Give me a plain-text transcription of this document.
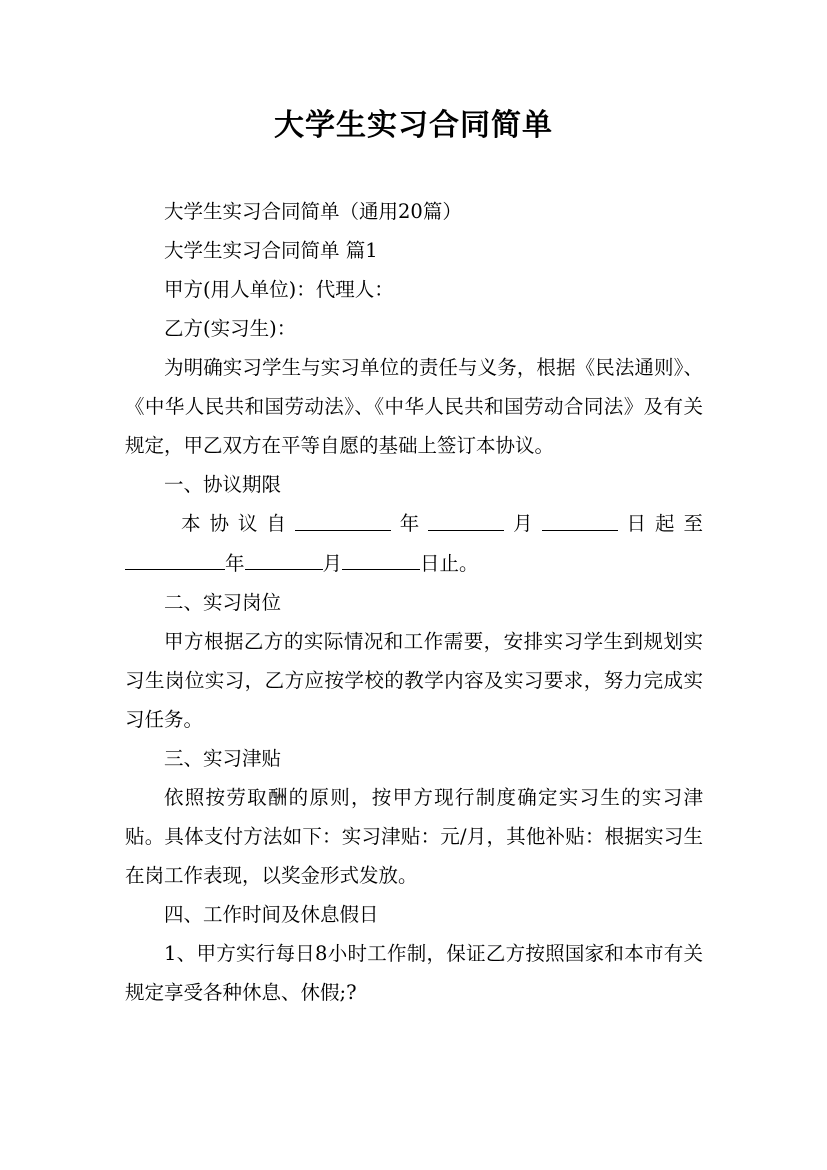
大学生实习合同简单

大学生实习合同简单（通用20篇）

大学生实习合同简单 篇1

甲方(用人单位)：代理人：

乙方(实习生)：

为明确实习学生与实习单位的责任与义务，根据《民法通则》、《中华人民共和国劳动法》、《中华人民共和国劳动合同法》及有关规定，甲乙双方在平等自愿的基础上签订本协议。

一、协议期限

本 协 议 自	年	月	日 起 至

年	月	日止。

二、实习岗位

甲方根据乙方的实际情况和工作需要，安排实习学生到规划实习生岗位实习，乙方应按学校的教学内容及实习要求，努力完成实习任务。

三、实习津贴

依照按劳取酬的原则，按甲方现行制度确定实习生的实习津贴。具体支付方法如下：实习津贴：元/月，其他补贴：根据实习生在岗工作表现，以奖金形式发放。

四、工作时间及休息假日

1、甲方实行每日8小时工作制，保证乙方按照国家和本市有关规定享受各种休息、休假;?
